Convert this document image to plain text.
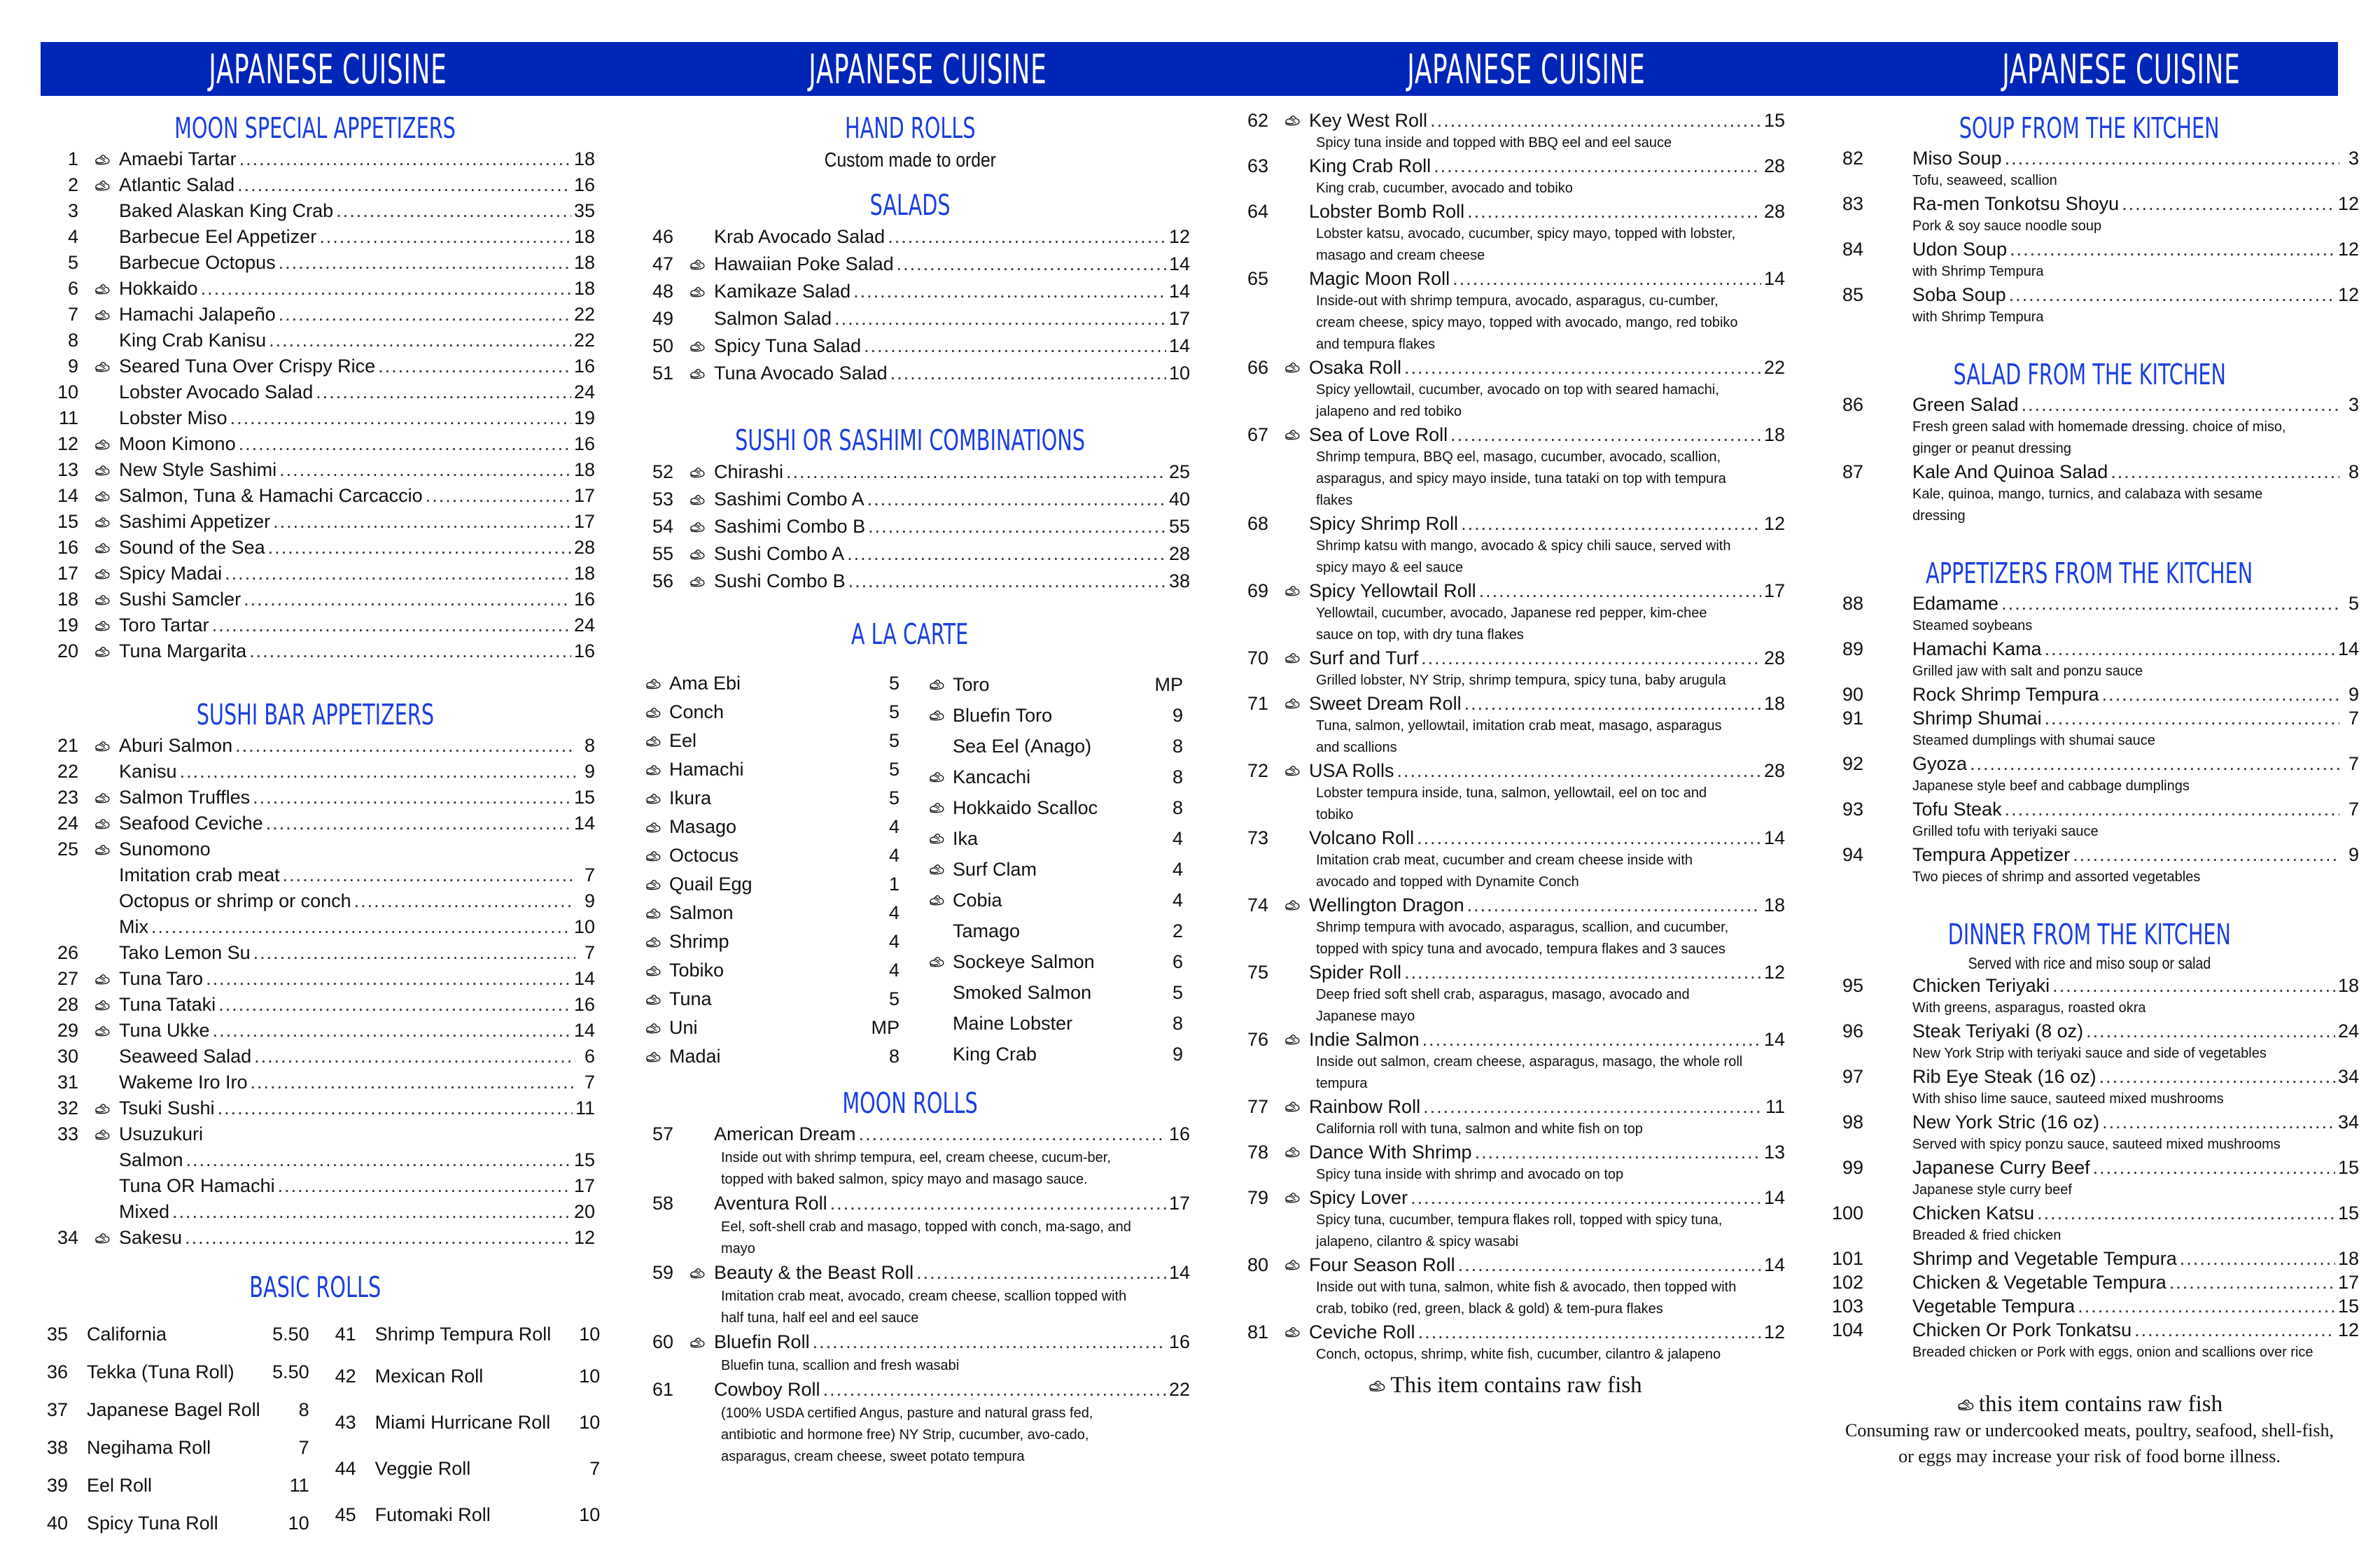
JAPANESE CUISINE	JAPANESE CUISINE	JAPANESE CUISINE	JAPANESE CUISINE
MOON SPECIAL APPETIZERS
1	Amaebi Tartar .....	18
2	Atlantic Salad .....	16
3	Baked Alaskan King Crab .....	35
4	Barbecue Eel Appetizer .....	18
5	Barbecue Octopus .....	18
6	Hokkaido .....	18
7	Hamachi Jalapeño .....	22
8	King Crab Kanisu .....	22
9	Seared Tuna Over Crispy Rice .....	16
10	Lobster Avocado Salad .....	24
11	Lobster Miso .....	19
12	Moon Kimono .....	16
13	New Style Sashimi .....	18
14	Salmon, Tuna & Hamachi Carcaccio .....	17
15	Sashimi Appetizer .....	17
16	Sound of the Sea .....	28
17	Spicy Madai .....	18
18	Sushi Samcler .....	16
19	Toro Tartar .....	24
20	Tuna Margarita .....	16
SUSHI BAR APPETIZERS
21	Aburi Salmon .....	8
22	Kanisu .....	9
23	Salmon Truffles .....	15
24	Seafood Ceviche .....	14
25	Sunomono
Imitation crab meat .....	7
Octopus or shrimp or conch .....	9
Mix .....	10
26	Tako Lemon Su .....	7
27	Tuna Taro .....	14
28	Tuna Tataki .....	16
29	Tuna Ukke .....	14
30	Seaweed Salad .....	6
31	Wakeme Iro Iro .....	7
32	Tsuki Sushi .....	11
33	Usuzukuri
Salmon .....	15
Tuna OR Hamachi .....	17
Mixed .....	20
34	Sakesu .....	12
BASIC ROLLS
35 California	5.50
36 Tekka (Tuna Roll)	5.50
37 Japanese Bagel Roll	8
38 Negihama Roll	7
39 Eel Roll	11
40 Spicy Tuna Roll	10
41 Shrimp Tempura Roll	10
42 Mexican Roll	10
43 Miami Hurricane Roll	10
44 Veggie Roll	7
45 Futomaki Roll	10
HAND ROLLS
Custom made to order
SALADS
46	Krab Avocado Salad .....	12
47	Hawaiian Poke Salad .....	14
48	Kamikaze Salad .....	14
49	Salmon Salad .....	17
50	Spicy Tuna Salad .....	14
51	Tuna Avocado Salad .....	10
SUSHI OR SASHIMI COMBINATIONS
52	Chirashi .....	25
53	Sashimi Combo A .....	40
54	Sashimi Combo B .....	55
55	Sushi Combo A .....	28
56	Sushi Combo B .....	38
A LA CARTE
Ama Ebi	5
Conch	5
Eel	5
Hamachi	5
Ikura	5
Masago	4
Octocus	4
Quail Egg	1
Salmon	4
Shrimp	4
Tobiko	4
Tuna	5
Uni	MP
Madai	8
Toro	MP
Bluefin Toro	9
Sea Eel (Anago)	8
Kancachi	8
Hokkaido Scalloc	8
Ika	4
Surf Clam	4
Cobia	4
Tamago	2
Sockeye Salmon	6
Smoked Salmon	5
Maine Lobster	8
King Crab	9
MOON ROLLS
57	American Dream .....	16
Inside out with shrimp tempura, eel, cream cheese, cucum-ber, topped with baked salmon, spicy mayo and masago sauce.
58	Aventura Roll .....	17
Eel, soft-shell crab and masago, topped with conch, ma-sago, and mayo
59	Beauty & the Beast Roll .....	14
Imitation crab meat, avocado, cream cheese, scallion topped with half tuna, half eel and eel sauce
60	Bluefin Roll .....	16
Bluefin tuna, scallion and fresh wasabi
61	Cowboy Roll .....	22
(100% USDA certified Angus, pasture and natural grass fed, antibiotic and hormone free) NY Strip, cucumber, avo-cado, asparagus, cream cheese, sweet potato tempura
62	Key West Roll .....	15
Spicy tuna inside and topped with BBQ eel and eel sauce
63	King Crab Roll .....	28
King crab, cucumber, avocado and tobiko
64	Lobster Bomb Roll .....	28
Lobster katsu, avocado, cucumber, spicy mayo, topped with lobster, masago and cream cheese
65	Magic Moon Roll .....	14
Inside-out with shrimp tempura, avocado, asparagus, cu-cumber, cream cheese, spicy mayo, topped with avocado, mango, red tobiko and tempura flakes
66	Osaka Roll .....	22
Spicy yellowtail, cucumber, avocado on top with seared hamachi, jalapeno and red tobiko
67	Sea of Love Roll .....	18
Shrimp tempura, BBQ eel, masago, cucumber, avocado, scallion, asparagus, and spicy mayo inside, tuna tataki on top with tempura flakes
68	Spicy Shrimp Roll .....	12
Shrimp katsu with mango, avocado & spicy chili sauce, served with spicy mayo & eel sauce
69	Spicy Yellowtail Roll .....	17
Yellowtail, cucumber, avocado, Japanese red pepper, kim-chee sauce on top, with dry tuna flakes
70	Surf and Turf .....	28
Grilled lobster, NY Strip, shrimp tempura, spicy tuna, baby arugula
71	Sweet Dream Roll .....	18
Tuna, salmon, yellowtail, imitation crab meat, masago, asparagus and scallions
72	USA Rolls .....	28
Lobster tempura inside, tuna, salmon, yellowtail, eel on toc and tobiko
73	Volcano Roll .....	14
Imitation crab meat, cucumber and cream cheese inside with avocado and topped with Dynamite Conch
74	Wellington Dragon .....	18
Shrimp tempura with avocado, asparagus, scallion, and cucumber, topped with spicy tuna and avocado, tempura flakes and 3 sauces
75	Spider Roll .....	12
Deep fried soft shell crab, asparagus, masago, avocado and Japanese mayo
76	Indie Salmon .....	14
Inside out salmon, cream cheese, asparagus, masago, the whole roll tempura
77	Rainbow Roll .....	11
California roll with tuna, salmon and white fish on top
78	Dance With Shrimp .....	13
Spicy tuna inside with shrimp and avocado on top
79	Spicy Lover .....	14
Spicy tuna, cucumber, tempura flakes roll, topped with spicy tuna, jalapeno, cilantro & spicy wasabi
80	Four Season Roll .....	14
Inside out with tuna, salmon, white fish & avocado, then topped with crab, tobiko (red, green, black & gold) & tem-pura flakes
81	Ceviche Roll .....	12
Conch, octopus, shrimp, white fish, cucumber, cilantro & jalapeno
This item contains raw fish
SOUP FROM THE KITCHEN
82	Miso Soup .....	3
Tofu, seaweed, scallion
83	Ra-men Tonkotsu Shoyu .....	12
Pork & soy sauce noodle soup
84	Udon Soup .....	12
with Shrimp Tempura
85	Soba Soup .....	12
with Shrimp Tempura
SALAD FROM THE KITCHEN
86	Green Salad .....	3
Fresh green salad with homemade dressing. choice of miso, ginger or peanut dressing
87	Kale And Quinoa Salad .....	8
Kale, quinoa, mango, turnics, and calabaza with sesame dressing
APPETIZERS FROM THE KITCHEN
88	Edamame .....	5
Steamed soybeans
89	Hamachi Kama .....	14
Grilled jaw with salt and ponzu sauce
90	Rock Shrimp Tempura .....	9
91	Shrimp Shumai .....	7
Steamed dumplings with shumai sauce
92	Gyoza .....	7
Japanese style beef and cabbage dumplings
93	Tofu Steak .....	7
Grilled tofu with teriyaki sauce
94	Tempura Appetizer .....	9
Two pieces of shrimp and assorted vegetables
DINNER FROM THE KITCHEN
Served with rice and miso soup or salad
95	Chicken Teriyaki .....	18
With greens, asparagus, roasted okra
96	Steak Teriyaki (8 oz) .....	24
New York Strip with teriyaki sauce and side of vegetables
97	Rib Eye Steak (16 oz) .....	34
With shiso lime sauce, sauteed mixed mushrooms
98	New York Stric (16 oz) .....	34
Served with spicy ponzu sauce, sauteed mixed mushrooms
99	Japanese Curry Beef .....	15
Japanese style curry beef
100	Chicken Katsu .....	15
Breaded & fried chicken
101	Shrimp and Vegetable Tempura .....	18
102	Chicken & Vegetable Tempura .....	17
103	Vegetable Tempura .....	15
104	Chicken Or Pork Tonkatsu .....	12
Breaded chicken or Pork with eggs, onion and scallions over rice
this item contains raw fish
Consuming raw or undercooked meats, poultry, seafood, shell-fish, or eggs may increase your risk of food borne illness.
